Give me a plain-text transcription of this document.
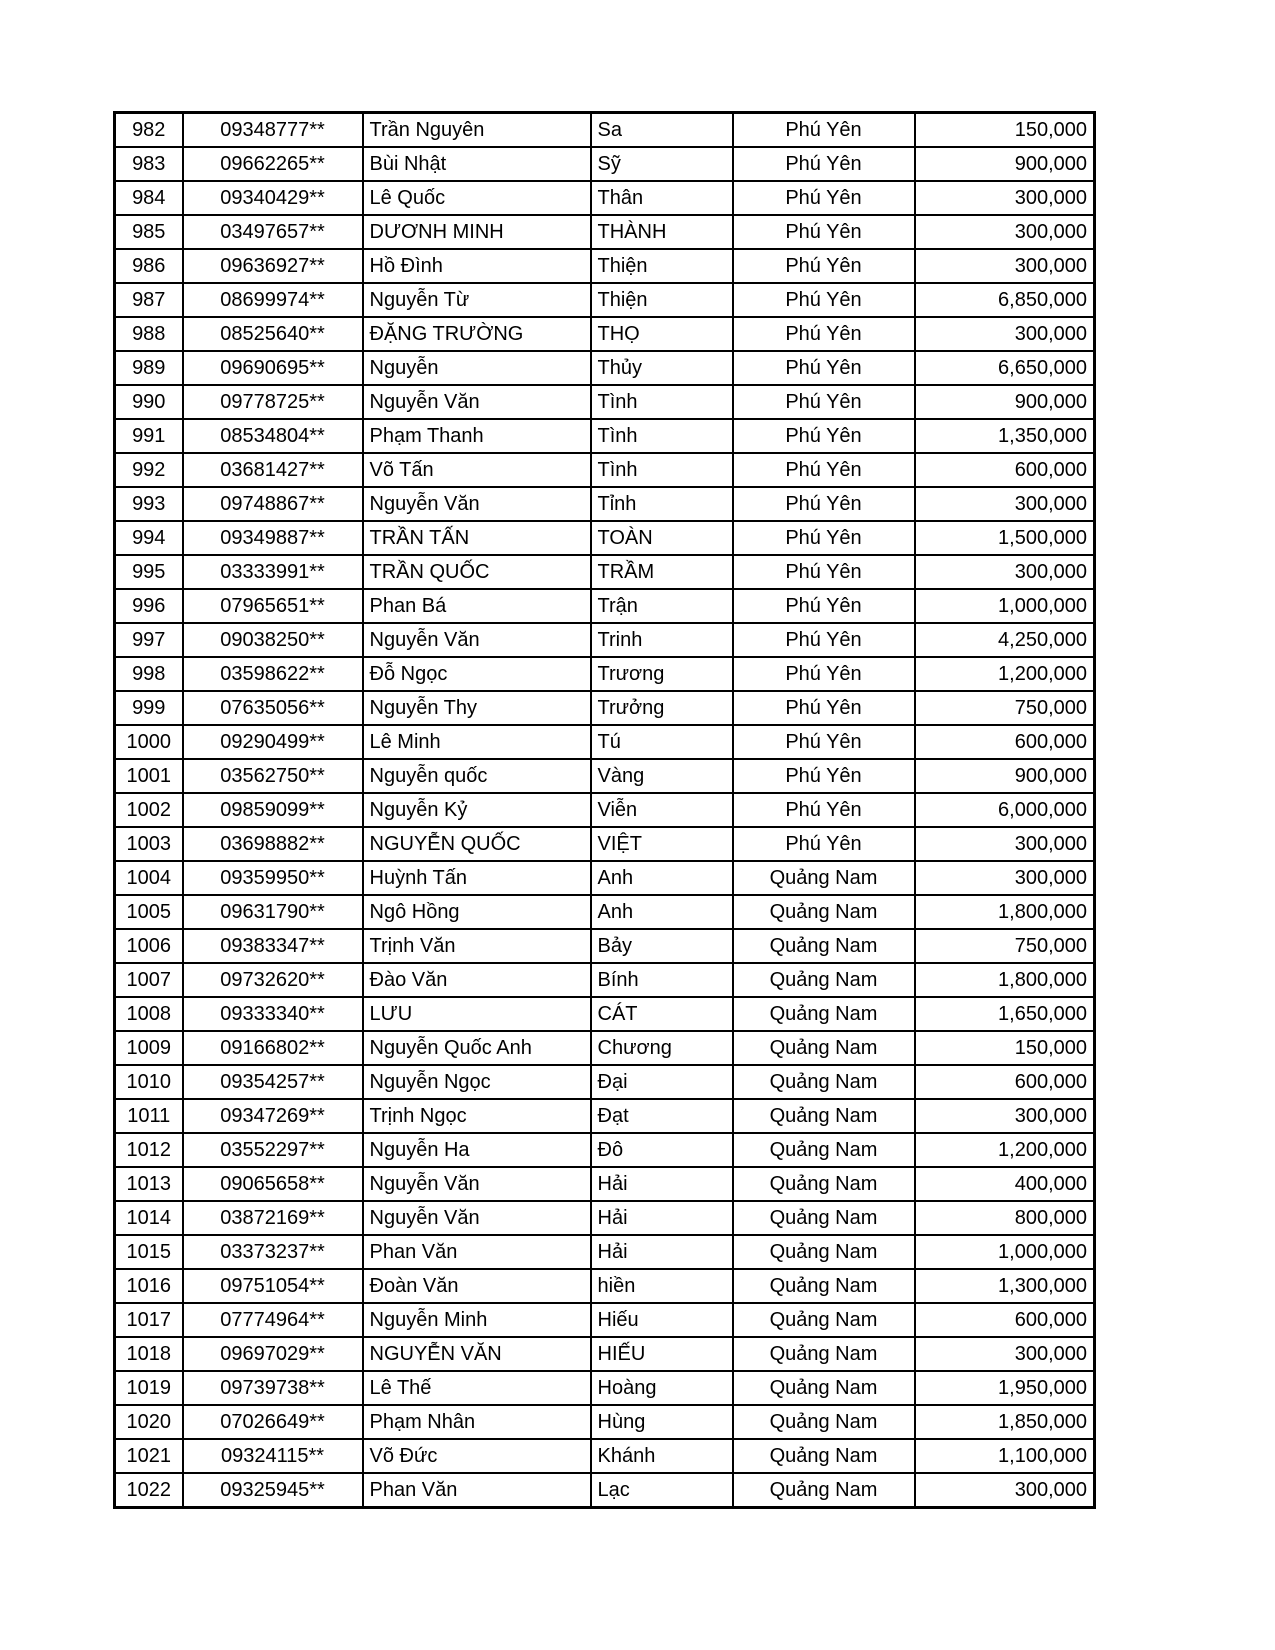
982	09348777**	Trần Nguyên	Sa	Phú Yên	150,000
983	09662265**	Bùi Nhật	Sỹ	Phú Yên	900,000
984	09340429**	Lê Quốc	Thân	Phú Yên	300,000
985	03497657**	DƯƠNH MINH	THÀNH	Phú Yên	300,000
986	09636927**	Hồ Đình	Thiện	Phú Yên	300,000
987	08699974**	Nguyễn Từ	Thiện	Phú Yên	6,850,000
988	08525640**	ĐẶNG TRƯỜNG	THỌ	Phú Yên	300,000
989	09690695**	Nguyễn	Thủy	Phú Yên	6,650,000
990	09778725**	Nguyễn Văn	Tình	Phú Yên	900,000
991	08534804**	Phạm Thanh	Tình	Phú Yên	1,350,000
992	03681427**	Võ Tấn	Tình	Phú Yên	600,000
993	09748867**	Nguyễn Văn	Tỉnh	Phú Yên	300,000
994	09349887**	TRẦN TẤN	TOÀN	Phú Yên	1,500,000
995	03333991**	TRẦN QUỐC	TRẦM	Phú Yên	300,000
996	07965651**	Phan Bá	Trận	Phú Yên	1,000,000
997	09038250**	Nguyễn Văn	Trinh	Phú Yên	4,250,000
998	03598622**	Đỗ Ngọc	Trương	Phú Yên	1,200,000
999	07635056**	Nguyễn Thy	Trưởng	Phú Yên	750,000
1000	09290499**	Lê Minh	Tú	Phú Yên	600,000
1001	03562750**	Nguyễn quốc	Vàng	Phú Yên	900,000
1002	09859099**	Nguyễn Kỷ	Viễn	Phú Yên	6,000,000
1003	03698882**	NGUYỄN QUỐC	VIỆT	Phú Yên	300,000
1004	09359950**	Huỳnh Tấn	Anh	Quảng Nam	300,000
1005	09631790**	Ngô Hồng	Anh	Quảng Nam	1,800,000
1006	09383347**	Trịnh Văn	Bảy	Quảng Nam	750,000
1007	09732620**	Đào Văn	Bính	Quảng Nam	1,800,000
1008	09333340**	LƯU	CÁT	Quảng Nam	1,650,000
1009	09166802**	Nguyễn Quốc Anh	Chương	Quảng Nam	150,000
1010	09354257**	Nguyễn Ngọc	Đại	Quảng Nam	600,000
1011	09347269**	Trịnh Ngọc	Đạt	Quảng Nam	300,000
1012	03552297**	Nguyễn Ha	Đô	Quảng Nam	1,200,000
1013	09065658**	Nguyễn Văn	Hải	Quảng Nam	400,000
1014	03872169**	Nguyễn Văn	Hải	Quảng Nam	800,000
1015	03373237**	Phan Văn	Hải	Quảng Nam	1,000,000
1016	09751054**	Đoàn Văn	hiền	Quảng Nam	1,300,000
1017	07774964**	Nguyễn Minh	Hiếu	Quảng Nam	600,000
1018	09697029**	NGUYỄN VĂN	HIẾU	Quảng Nam	300,000
1019	09739738**	Lê Thế	Hoàng	Quảng Nam	1,950,000
1020	07026649**	Phạm Nhân	Hùng	Quảng Nam	1,850,000
1021	09324115**	Võ Đức	Khánh	Quảng Nam	1,100,000
1022	09325945**	Phan Văn	Lạc	Quảng Nam	300,000
